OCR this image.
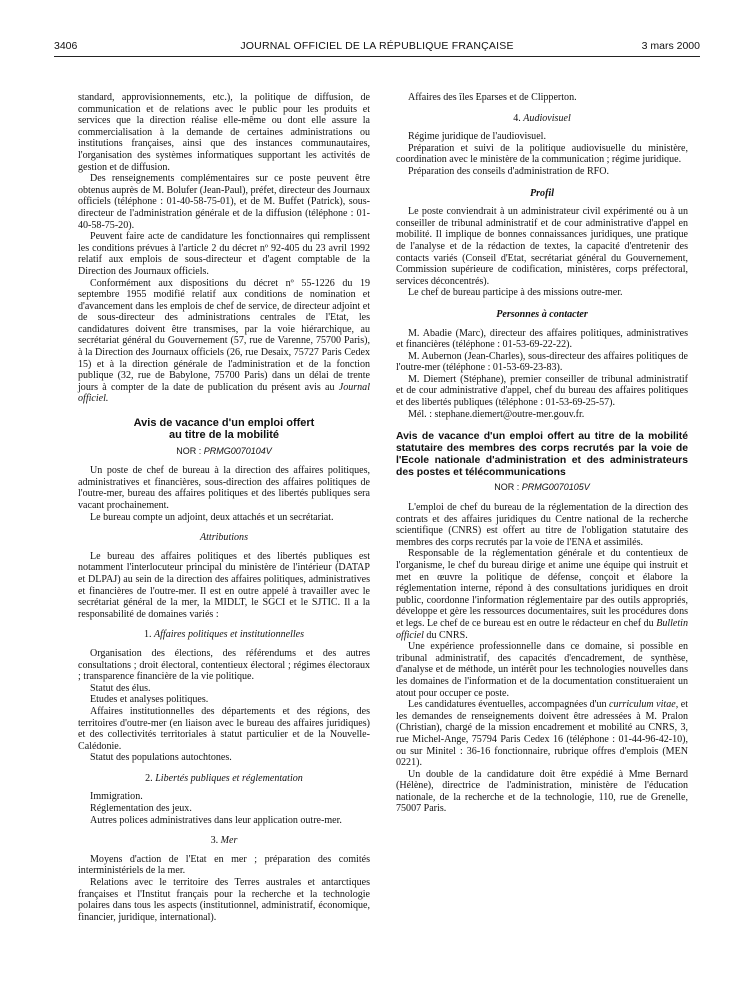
3406	JOURNAL OFFICIEL DE LA RÉPUBLIQUE FRANÇAISE	3 mars 2000

standard, approvisionnements, etc.), la politique de diffusion, de communication et de relations avec le public pour les produits et services que la direction réalise elle-même ou dont elle assure la commercialisation à la demande de certaines administrations ou institutions françaises, ainsi que des instances communautaires, l'organisation des systèmes informatiques supportant les activités de gestion et de diffusion.

Des renseignements complémentaires sur ce poste peuvent être obtenus auprès de M. Bolufer (Jean-Paul), préfet, directeur des Journaux officiels (téléphone : 01-40-58-75-01), et de M. Buffet (Patrick), sous-directeur de l'administration générale et de la diffusion (téléphone : 01-40-58-75-20).

Peuvent faire acte de candidature les fonctionnaires qui remplissent les conditions prévues à l'article 2 du décret nº 92-405 du 23 avril 1992 relatif aux emplois de sous-directeur et d'agent comptable de la Direction des Journaux officiels.

Conformément aux dispositions du décret nº 55-1226 du 19 septembre 1955 modifié relatif aux conditions de nomination et d'avancement dans les emplois de chef de service, de directeur adjoint et de sous-directeur des administrations centrales de l'Etat, les candidatures doivent être transmises, par la voie hiérarchique, au secrétariat général du Gouvernement (57, rue de Varenne, 75700 Paris), à la Direction des Journaux officiels (26, rue Desaix, 75727 Paris Cedex 15) et à la direction générale de l'administration et de la fonction publique (32, rue de Babylone, 75700 Paris) dans un délai de trente jours à compter de la date de publication du présent avis au Journal officiel.

Avis de vacance d'un emploi offert
au titre de la mobilité
NOR : PRMG0070104V

Un poste de chef de bureau à la direction des affaires politiques, administratives et financières, sous-direction des affaires politiques de l'outre-mer, bureau des affaires politiques et des libertés publiques sera vacant prochainement.

Le bureau compte un adjoint, deux attachés et un secrétariat.

Attributions

Le bureau des affaires politiques et des libertés publiques est notamment l'interlocuteur principal du ministère de l'intérieur (DATAP et DLPAJ) au sein de la direction des affaires politiques, administratives et financières de l'outre-mer. Il est en outre appelé à travailler avec le secrétariat général de la mer, la MIDLT, le SGCI et le SJTIC. Il a la responsabilité de domaines variés :

1. Affaires politiques et institutionnelles

Organisation des élections, des référendums et des autres consultations ; droit électoral, contentieux électoral ; régimes électoraux ; transparence financière de la vie politique.

Statut des élus.

Etudes et analyses politiques.

Affaires institutionnelles des départements et des régions, des territoires d'outre-mer (en liaison avec le bureau des affaires juridiques) et des collectivités territoriales à statut particulier et de la Nouvelle-Calédonie.

Statut des populations autochtones.

2. Libertés publiques et réglementation

Immigration.

Réglementation des jeux.

Autres polices administratives dans leur application outre-mer.

3. Mer

Moyens d'action de l'Etat en mer ; préparation des comités interministériels de la mer.

Relations avec le territoire des Terres australes et antarctiques françaises et l'Institut français pour la recherche et la technologie polaires dans tous les aspects (institutionnel, administratif, économique, financier, juridique, international).

Affaires des îles Eparses et de Clipperton.

4. Audiovisuel

Régime juridique de l'audiovisuel.

Préparation et suivi de la politique audiovisuelle du ministère, coordination avec le ministère de la communication ; régime juridique.

Préparation des conseils d'administration de RFO.

Profil

Le poste conviendrait à un administrateur civil expérimenté ou à un conseiller de tribunal administratif et de cour administrative d'appel en mobilité. Il implique de bonnes connaissances juridiques, une pratique de l'analyse et de la rédaction de textes, la capacité d'entretenir des contacts variés (Conseil d'Etat, secrétariat général du Gouvernement, Commission supérieure de codification, ministères, corps préfectoral, services déconcentrés).

Le chef de bureau participe à des missions outre-mer.

Personnes à contacter

M. Abadie (Marc), directeur des affaires politiques, administratives et financières (téléphone : 01-53-69-22-22).

M. Aubernon (Jean-Charles), sous-directeur des affaires politiques de l'outre-mer (téléphone : 01-53-69-23-83).

M. Diemert (Stéphane), premier conseiller de tribunal administratif et de cour administrative d'appel, chef du bureau des affaires politiques et des libertés publiques (téléphone : 01-53-69-25-57).

Mél. : stephane.diemert@outre-mer.gouv.fr.

Avis de vacance d'un emploi offert au titre de la mobilité statutaire des membres des corps recrutés par la voie de l'Ecole nationale d'administration et des administrateurs des postes et télécommunications
NOR : PRMG0070105V

L'emploi de chef du bureau de la réglementation de la direction des contrats et des affaires juridiques du Centre national de la recherche scientifique (CNRS) est offert au titre de l'obligation statutaire des membres des corps recrutés par la voie de l'ENA et assimilés.

Responsable de la réglementation générale et du contentieux de l'organisme, le chef du bureau dirige et anime une équipe qui instruit et met en œuvre la politique de défense, conçoit et élabore la réglementation interne, répond à des consultations juridiques en droit public, coordonne l'information réglementaire par des outils appropriés, développe et gère les ressources documentaires, suit les procédures dons et legs. Le chef de ce bureau est en outre le rédacteur en chef du Bulletin officiel du CNRS.

Une expérience professionnelle dans ce domaine, si possible en tribunal administratif, des capacités d'encadrement, de synthèse, d'analyse et de méthode, un intérêt pour les technologies nouvelles dans les domaines de l'information et de la documentation constitueraient un atout pour occuper ce poste.

Les candidatures éventuelles, accompagnées d'un curriculum vitae, et les demandes de renseignements doivent être adressées à M. Pralon (Christian), chargé de la mission encadrement et mobilité au CNRS, 3, rue Michel-Ange, 75794 Paris Cedex 16 (téléphone : 01-44-96-42-10), ou sur Minitel : 36-16 fonctionnaire, rubrique offres d'emplois (MEN 0221).

Un double de la candidature doit être expédié à Mme Bernard (Hélène), directrice de l'administration, ministère de l'éducation nationale, de la recherche et de la technologie, 110, rue de Grenelle, 75007 Paris.
